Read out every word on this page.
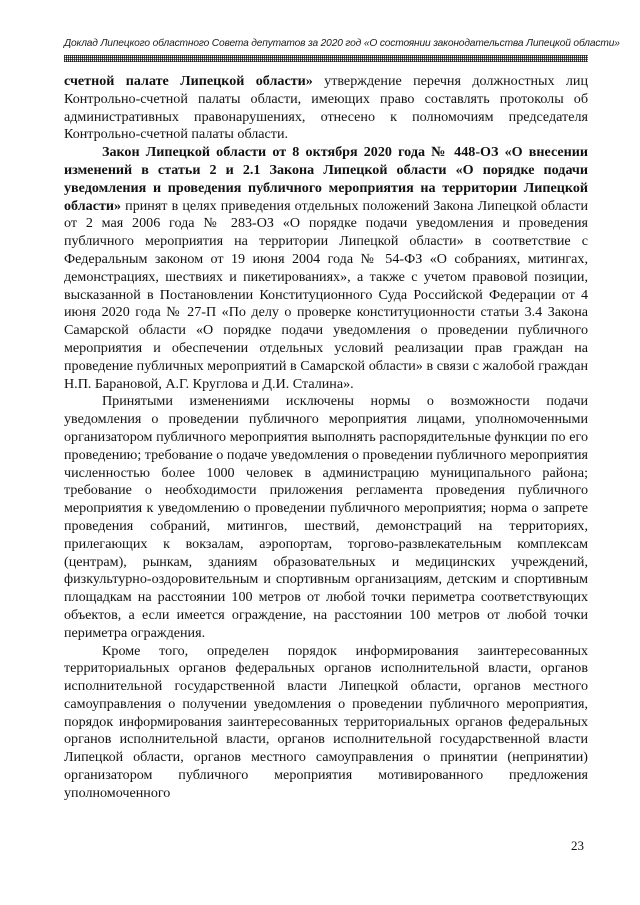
Доклад Липецкого областного Совета депутатов за 2020 год «О состоянии законодательства Липецкой области»

счетной палате Липецкой области» утверждение перечня должностных лиц Контрольно-счетной палаты области, имеющих право составлять протоколы об административных правонарушениях, отнесено к полномочиям председателя Контрольно-счетной палаты области.

Закон Липецкой области от 8 октября 2020 года № 448-ОЗ «О внесении изменений в статьи 2 и 2.1 Закона Липецкой области «О порядке подачи уведомления и проведения публичного мероприятия на территории Липецкой области» принят в целях приведения отдельных положений Закона Липецкой области от 2 мая 2006 года № 283-ОЗ «О порядке подачи уведомления и проведения публичного мероприятия на территории Липецкой области» в соответствие с Федеральным законом от 19 июня 2004 года № 54-ФЗ «О собраниях, митингах, демонстрациях, шествиях и пикетированиях», а также с учетом правовой позиции, высказанной в Постановлении Конституционного Суда Российской Федерации от 4 июня 2020 года № 27-П «По делу о проверке конституционности статьи 3.4 Закона Самарской области «О порядке подачи уведомления о проведении публичного мероприятия и обеспечении отдельных условий реализации прав граждан на проведение публичных мероприятий в Самарской области» в связи с жалобой граждан Н.П. Барановой, А.Г. Круглова и Д.И. Сталина».

Принятыми изменениями исключены нормы о возможности подачи уведомления о проведении публичного мероприятия лицами, уполномоченными организатором публичного мероприятия выполнять распорядительные функции по его проведению; требование о подаче уведомления о проведении публичного мероприятия численностью более 1000 человек в администрацию муниципального района; требование о необходимости приложения регламента проведения публичного мероприятия к уведомлению о проведении публичного мероприятия; норма о запрете проведения собраний, митингов, шествий, демонстраций на территориях, прилегающих к вокзалам, аэропортам, торгово-развлекательным комплексам (центрам), рынкам, зданиям образовательных и медицинских учреждений, физкультурно-оздоровительным и спортивным организациям, детским и спортивным площадкам на расстоянии 100 метров от любой точки периметра соответствующих объектов, а если имеется ограждение, на расстоянии 100 метров от любой точки периметра ограждения.

Кроме того, определен порядок информирования заинтересованных территориальных органов федеральных органов исполнительной власти, органов исполнительной государственной власти Липецкой области, органов местного самоуправления о получении уведомления о проведении публичного мероприятия, порядок информирования заинтересованных территориальных органов федеральных органов исполнительной власти, органов исполнительной государственной власти Липецкой области, органов местного самоуправления о принятии (непринятии) организатором публичного мероприятия мотивированного предложения уполномоченного

23
